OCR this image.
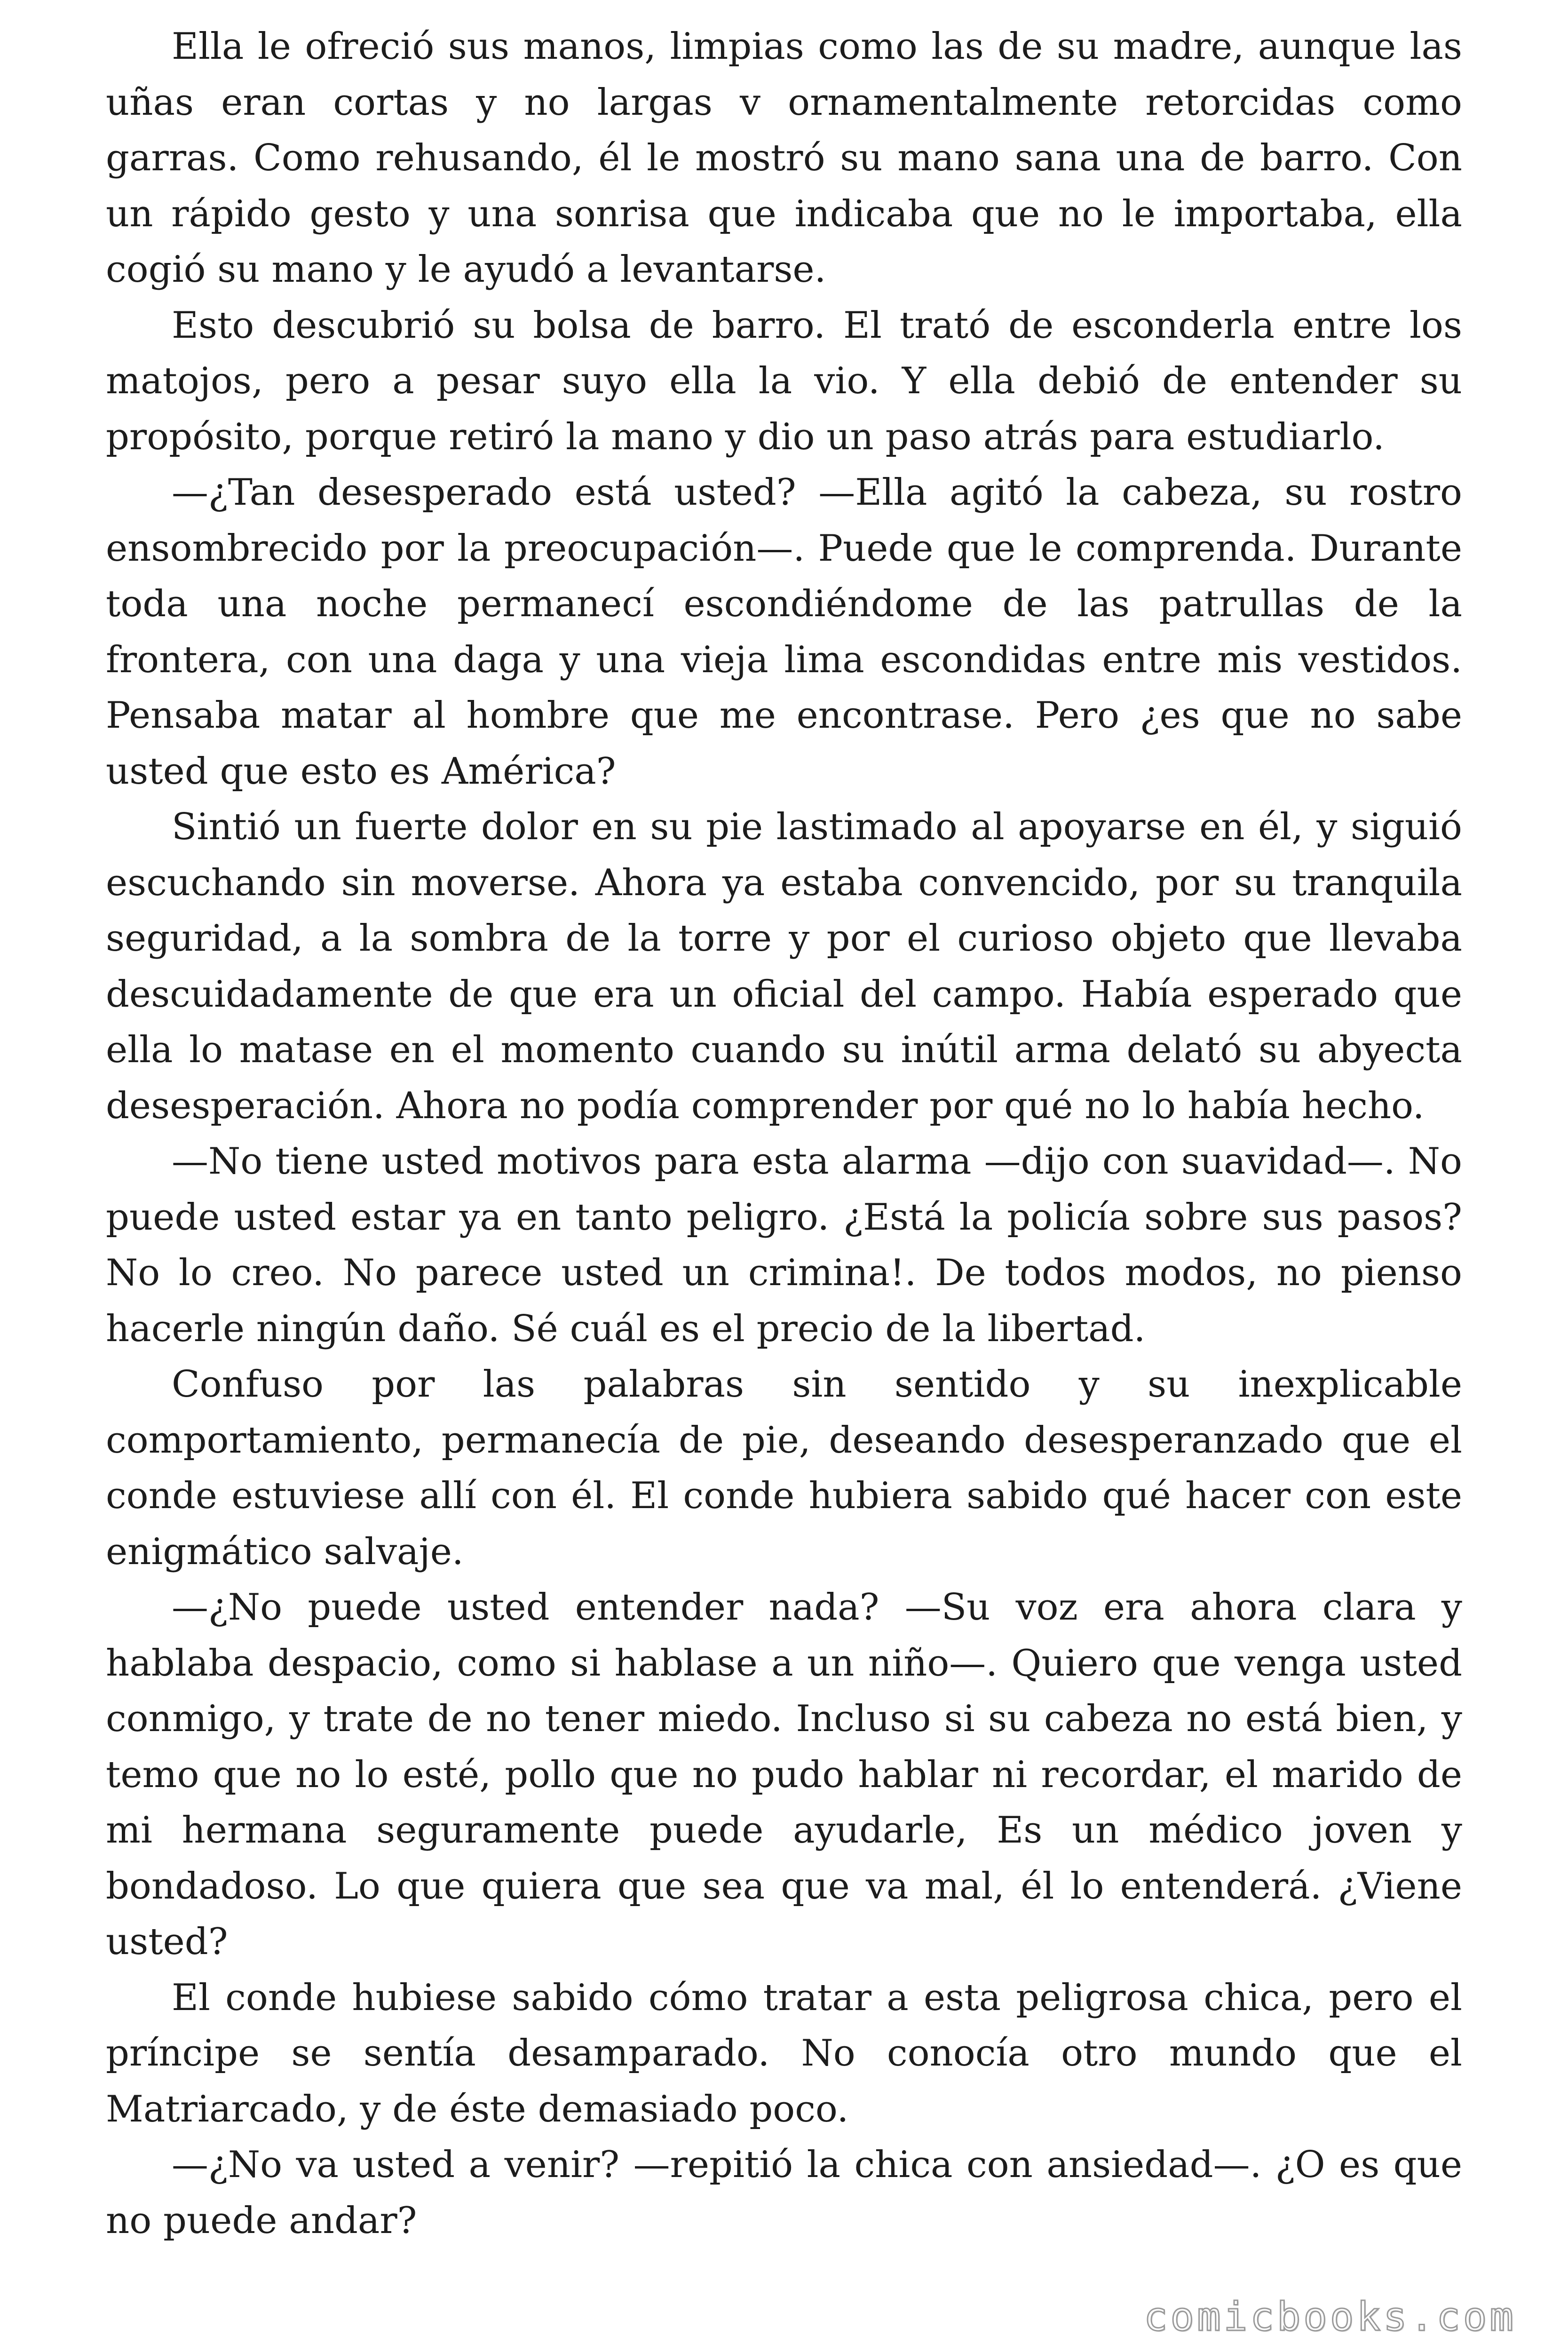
Ella le ofreció sus manos, limpias como las de su madre, aunque las uñas eran cortas y no largas v ornamentalmente retorcidas como garras. Como rehusando, él le mostró su mano sana una de barro. Con un rápido gesto y una sonrisa que indicaba que no le importaba, ella cogió su mano y le ayudó a levantarse.

Esto descubrió su bolsa de barro. El trató de esconderla entre los matojos, pero a pesar suyo ella la vio. Y ella debió de entender su propósito, porque retiró la mano y dio un paso atrás para estudiarlo.

—¿Tan desesperado está usted? —Ella agitó la cabeza, su rostro ensombrecido por la preocupación—. Puede que le comprenda. Durante toda una noche permanecí escondiéndome de las patrullas de la frontera, con una daga y una vieja lima escondidas entre mis vestidos. Pensaba matar al hombre que me encontrase. Pero ¿es que no sabe usted que esto es América?

Sintió un fuerte dolor en su pie lastimado al apoyarse en él, y siguió escuchando sin moverse. Ahora ya estaba convencido, por su tranquila seguridad, a la sombra de la torre y por el curioso objeto que llevaba descuidadamente de que era un oficial del campo. Había esperado que ella lo matase en el momento cuando su inútil arma delató su abyecta desesperación. Ahora no podía comprender por qué no lo había hecho.

—No tiene usted motivos para esta alarma —dijo con suavidad—. No puede usted estar ya en tanto peligro. ¿Está la policía sobre sus pasos? No lo creo. No parece usted un crimina!. De todos modos, no pienso hacerle ningún daño. Sé cuál es el precio de la libertad.

Confuso por las palabras sin sentido y su inexplicable comportamiento, permanecía de pie, deseando desesperanzado que el conde estuviese allí con él. El conde hubiera sabido qué hacer con este enigmático salvaje.

—¿No puede usted entender nada? —Su voz era ahora clara y hablaba despacio, como si hablase a un niño—. Quiero que venga usted conmigo, y trate de no tener miedo. Incluso si su cabeza no está bien, y temo que no lo esté, pollo que no pudo hablar ni recordar, el marido de mi hermana seguramente puede ayudarle, Es un médico joven y bondadoso. Lo que quiera que sea que va mal, él lo entenderá. ¿Viene usted?

El conde hubiese sabido cómo tratar a esta peligrosa chica, pero el príncipe se sentía desamparado. No conocía otro mundo que el Matriarcado, y de éste demasiado poco.

—¿No va usted a venir? —repitió la chica con ansiedad—. ¿O es que no puede andar?

comicbooks.com
